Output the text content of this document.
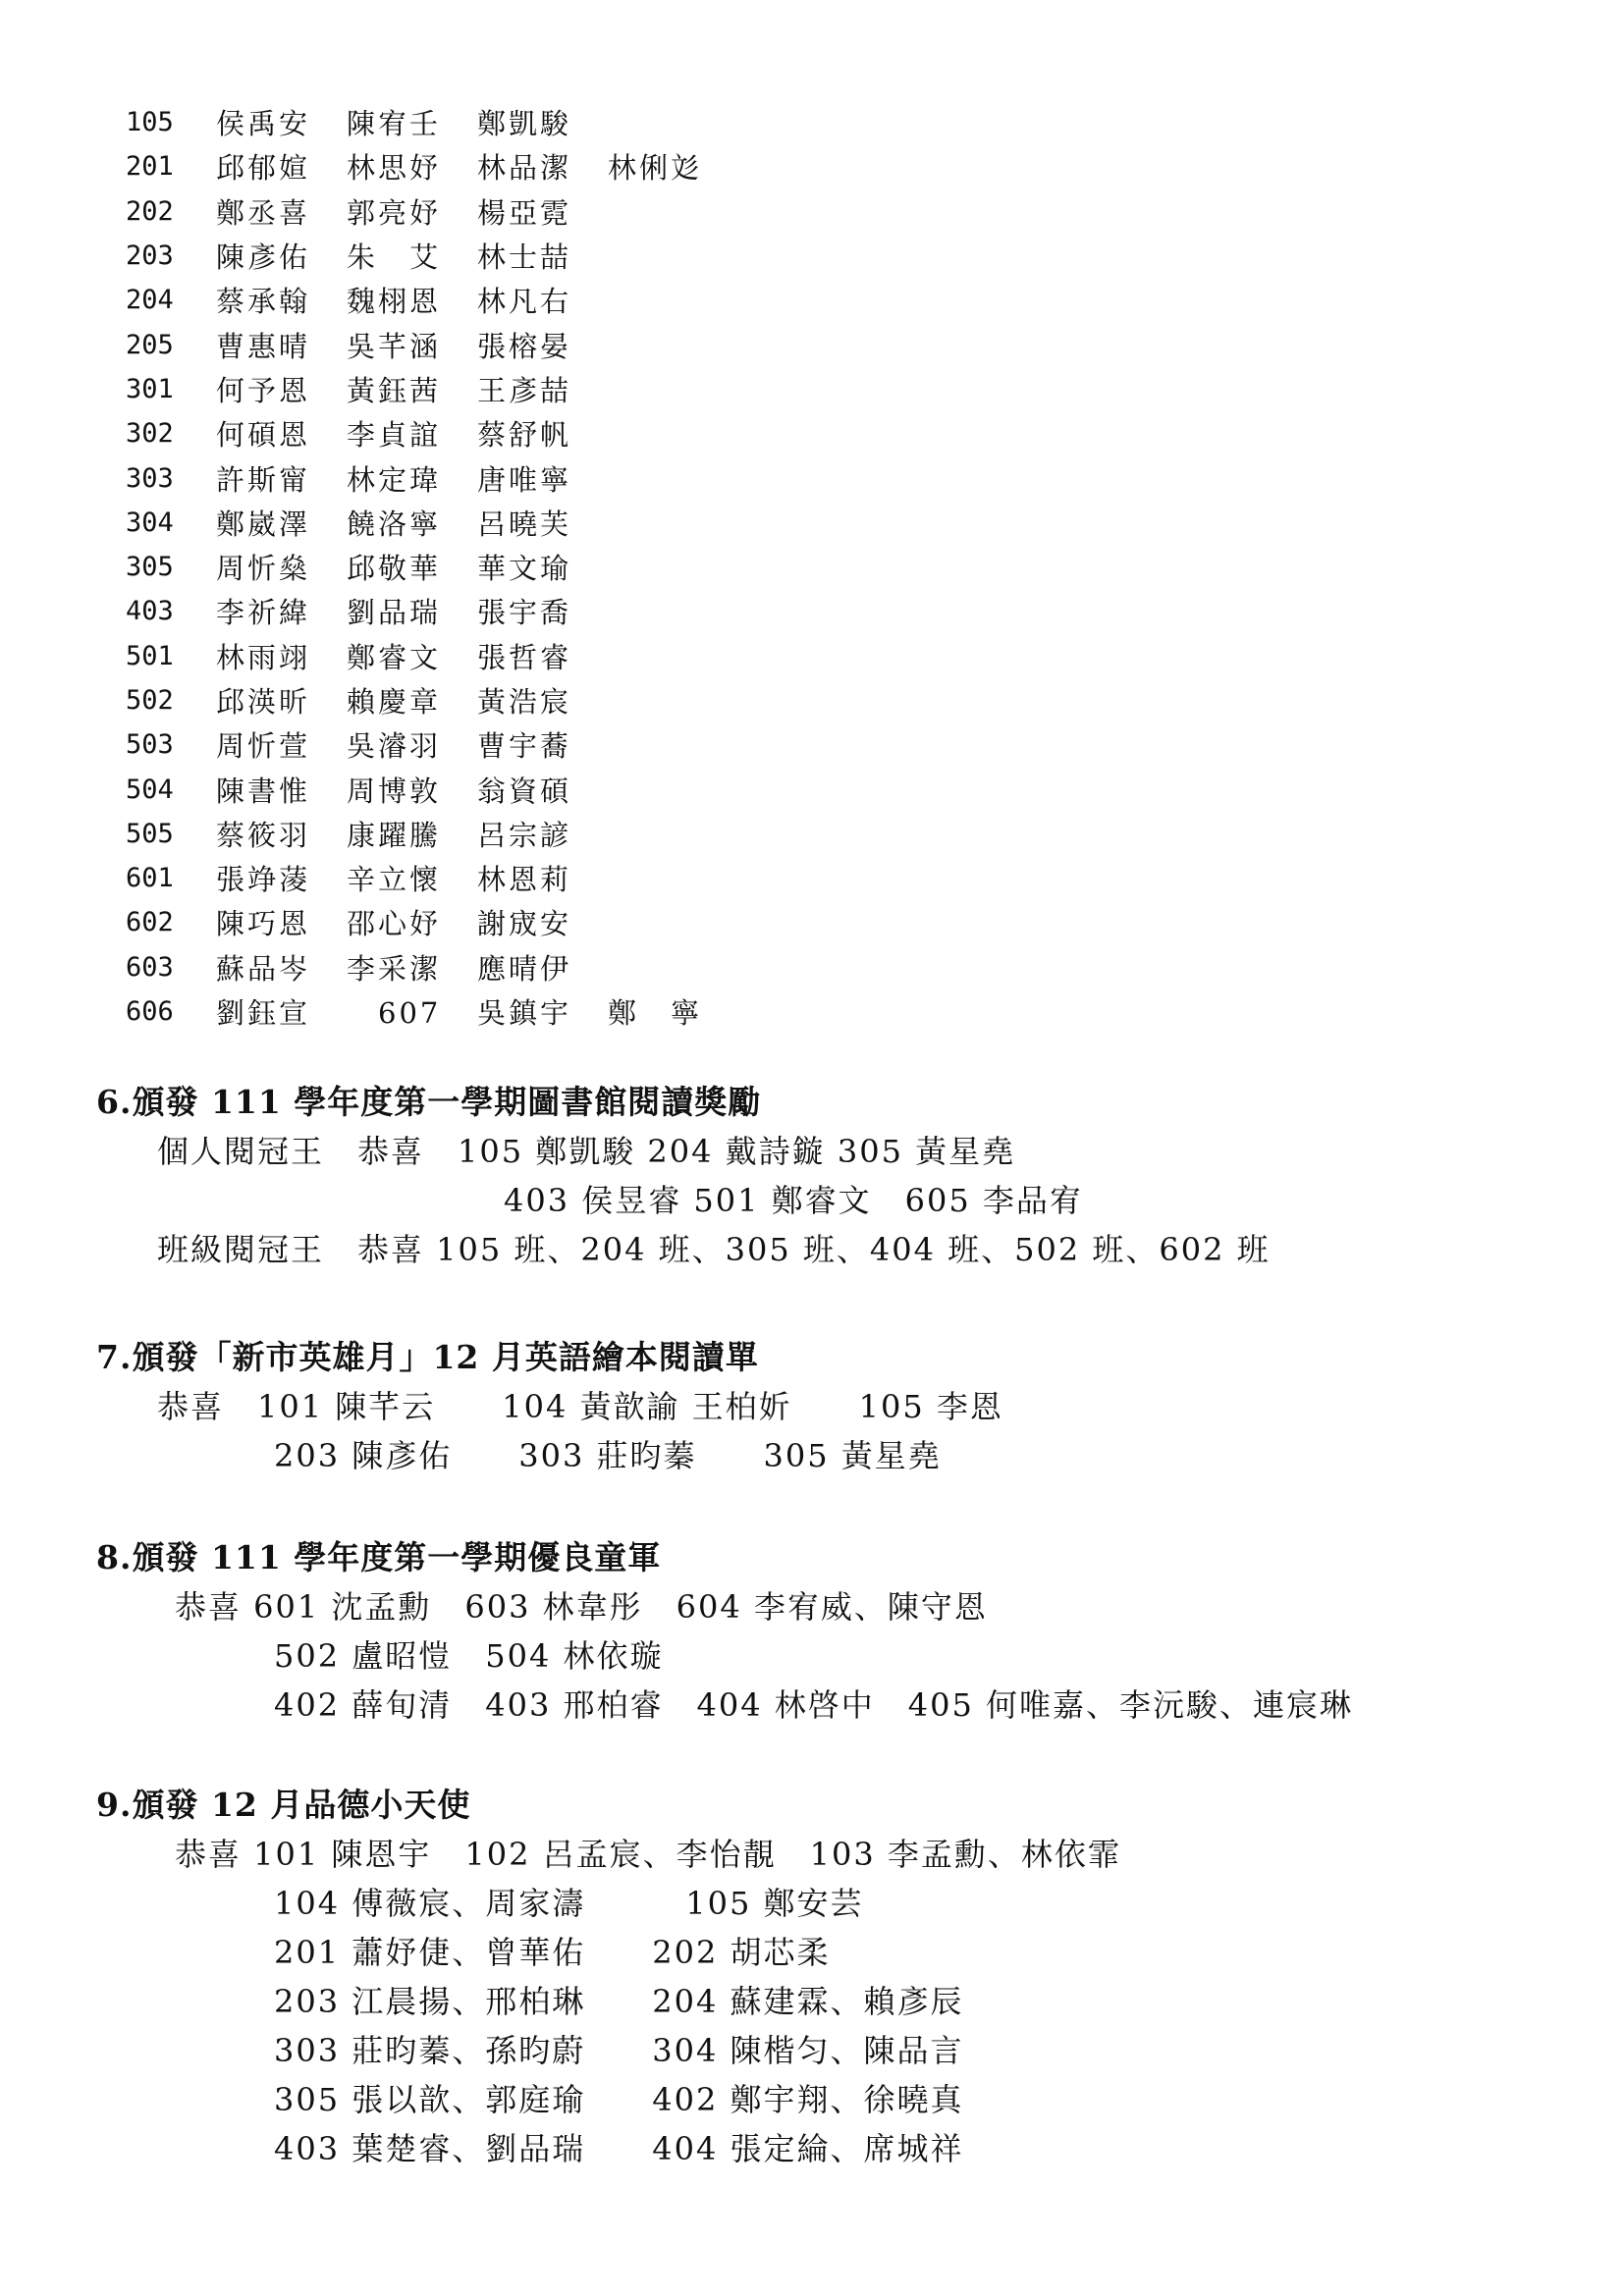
105	侯禹安	陳宥壬	鄭凱駿
201	邱郁媗	林思妤	林品潔	林俐彣
202	鄭丞喜	郭亮妤	楊亞霓
203	陳彥佑	朱　艾	林士喆
204	蔡承翰	魏栩恩	林凡右
205	曹惠晴	吳芊涵	張榕晏
301	何予恩	黃鈺茜	王彥喆
302	何碩恩	李貞誼	蔡舒帆
303	許斯甯	林定瑋	唐唯寧
304	鄭崴澤	饒洛寧	呂曉芙
305	周忻燊	邱敬華	華文瑜
403	李祈緯	劉品瑞	張宇喬
501	林雨翊	鄭睿文	張哲睿
502	邱渶昕	賴慶章	黃浩宸
503	周忻萱	吳濬羽	曹宇蕎
504	陳書惟	周博敦	翁資碩
505	蔡筱羽	康躍騰	呂宗諺
601	張竫蓤	辛立懷	林恩莉
602	陳巧恩	邵心妤	謝宬安
603	蘇品岑	李采潔	應晴伊
606	劉鈺宣	　607	吳鎮宇	鄭　寧
6.頒發 111 學年度第一學期圖書館閱讀獎勵
個人閱冠王　恭喜　105 鄭凱駿 204 戴詩鏇 305 黃星堯
403 侯昱睿 501 鄭睿文　605 李品宥
班級閱冠王　恭喜 105 班、204 班、305 班、404 班、502 班、602 班
7.頒發「新市英雄月」12 月英語繪本閱讀單
恭喜　101 陳芊云　　104 黃歆諭 王柏妡　　105 李恩
203 陳彥佑　　303 莊昀蓁　　305 黃星堯
8.頒發 111 學年度第一學期優良童軍
恭喜 601 沈孟勳　603 林韋彤　604 李宥威、陳守恩
502 盧昭愷　504 林依璇
402 薛旬清　403 邢柏睿　404 林啓中　405 何唯嘉、李沅駿、連宸琳
9.頒發 12 月品德小天使
恭喜 101 陳恩宇　102 呂孟宸、李怡靚　103 李孟勳、林依霏
104 傅薇宸、周家濤　　　105 鄭安芸
201 蕭妤倢、曾華佑　　202 胡芯柔
203 江晨揚、邢柏琳　　204 蘇建霖、賴彥辰
303 莊昀蓁、孫昀蔚　　304 陳楷匀、陳品言
305 張以歆、郭庭瑜　　402 鄭宇翔、徐曉真
403 葉楚睿、劉品瑞　　404 張定綸、席城祥
